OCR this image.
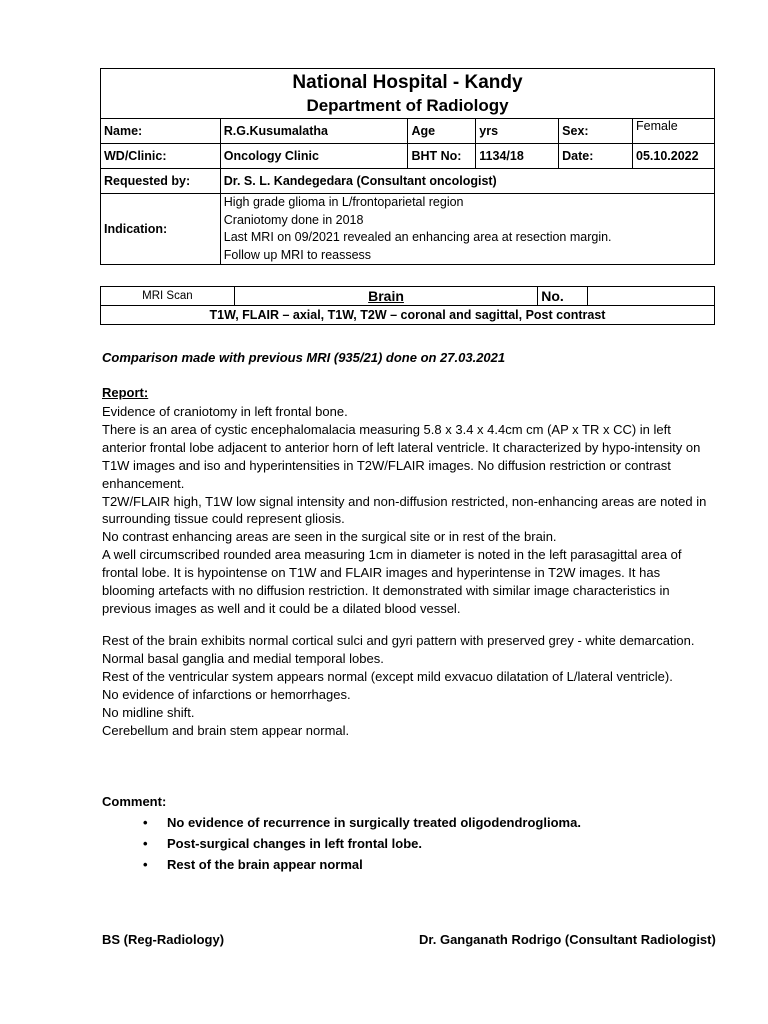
National Hospital - Kandy
Department of Radiology					

Name:	R.G.Kusumalatha	Age	yrs	Sex:	Female
WD/Clinic:	Oncology Clinic	BHT No:	1134/18	Date:	05.10.2022
Requested by:	Dr. S. L. Kandegedara (Consultant oncologist)				
Indication:	High grade glioma in L/frontoparietal region
Craniotomy done in 2018
Last MRI on 09/2021 revealed an enhancing area at resection margin.
Follow up MRI to reassess				
MRI Scan	Brain	No.	
T1W, FLAIR – axial, T1W, T2W – coronal and sagittal, Post contrast
Comparison made with previous MRI (935/21) done on 27.03.2021
Report:

Evidence of craniotomy in left frontal bone.

There is an area of cystic encephalomalacia measuring 5.8 x 3.4 x 4.4cm cm (AP x TR x CC) in left anterior frontal lobe adjacent to anterior horn of left lateral ventricle. It characterized by hypo-intensity on T1W images and iso and hyperintensities in T2W/FLAIR images. No diffusion restriction or contrast enhancement.

T2W/FLAIR high, T1W low signal intensity and non-diffusion restricted, non-enhancing areas are noted in surrounding tissue could represent gliosis.

No contrast enhancing areas are seen in the surgical site or in rest of the brain.

A well circumscribed rounded area measuring 1cm in diameter is noted in the left parasagittal area of frontal lobe. It is hypointense on T1W and FLAIR images and hyperintense in T2W images. It has blooming artefacts with no diffusion restriction. It demonstrated with similar image characteristics in previous images as well and it could be a dilated blood vessel.

Rest of the brain exhibits normal cortical sulci and gyri pattern with preserved grey - white demarcation.

Normal basal ganglia and medial temporal lobes.

Rest of the ventricular system appears normal (except mild exvacuo dilatation of L/lateral ventricle).

No evidence of infarctions or hemorrhages.

No midline shift.

Cerebellum and brain stem appear normal.

Comment:
• No evidence of recurrence in surgically treated oligodendroglioma.
• Post-surgical changes in left frontal lobe.
• Rest of the brain appear normal
BS (Reg-Radiology)	Dr. Ganganath Rodrigo (Consultant Radiologist)
